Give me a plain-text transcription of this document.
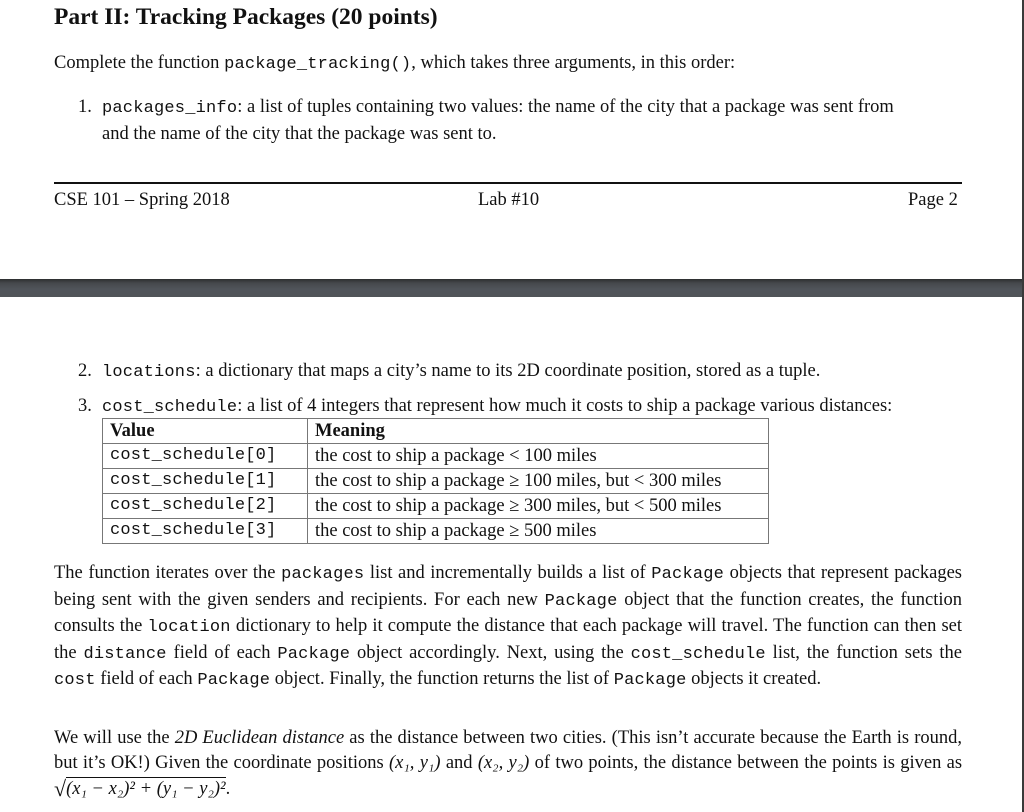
Part II: Tracking Packages (20 points)
Complete the function package_tracking(), which takes three arguments, in this order:
1. packages_info: a list of tuples containing two values: the name of the city that a package was sent from
and the name of the city that the package was sent to.
CSE 101 – Spring 2018	Lab #10	Page 2
2. locations: a dictionary that maps a city’s name to its 2D coordinate position, stored as a tuple.
3. cost_schedule: a list of 4 integers that represent how much it costs to ship a package various distances:
Value	Meaning
cost_schedule[0]	the cost to ship a package < 100 miles
cost_schedule[1]	the cost to ship a package ≥ 100 miles, but < 300 miles
cost_schedule[2]	the cost to ship a package ≥ 300 miles, but < 500 miles
cost_schedule[3]	the cost to ship a package ≥ 500 miles
The function iterates over the packages list and incrementally builds a list of Package objects that represent packages being sent with the given senders and recipients. For each new Package object that the function creates, the function consults the location dictionary to help it compute the distance that each package will travel. The function can then set the distance field of each Package object accordingly. Next, using the cost_schedule list, the function sets the cost field of each Package object. Finally, the function returns the list of Package objects it created.
We will use the 2D Euclidean distance as the distance between two cities. (This isn’t accurate because the Earth is round, but it’s OK!) Given the coordinate positions (x₁, y₁) and (x₂, y₂) of two points, the distance between the points is given as √(x₁ − x₂)² + (y₁ − y₂)².
